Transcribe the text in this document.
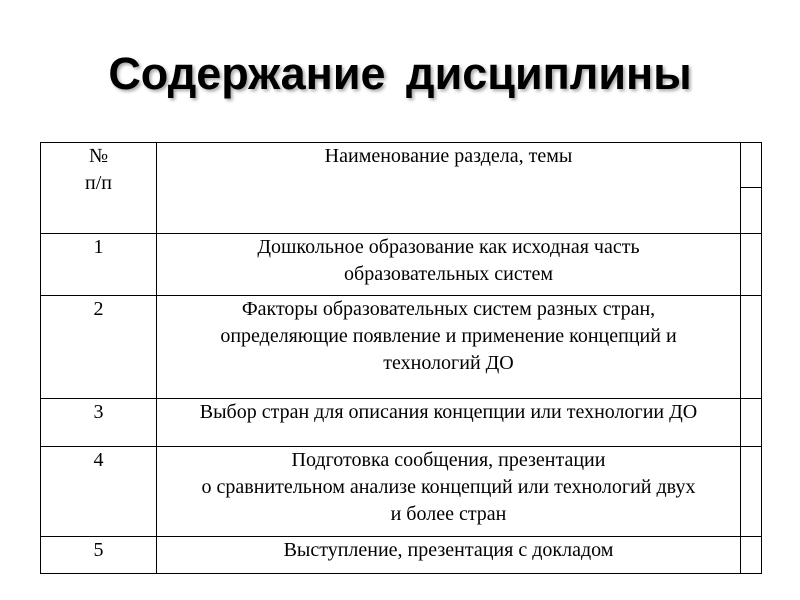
Содержание дисциплины
№
п/п	Наименование раздела, темы	

1	Дошкольное образование как исходная часть
образовательных систем	

2	Факторы образовательных систем разных стран,
определяющие появление и применение концепций и
технологий ДО	

3	Выбор стран для описания концепции или технологии ДО	

4	Подготовка сообщения, презентации
о сравнительном анализе концепций или технологий двух
и более стран	

5	Выступление, презентация с докладом	
